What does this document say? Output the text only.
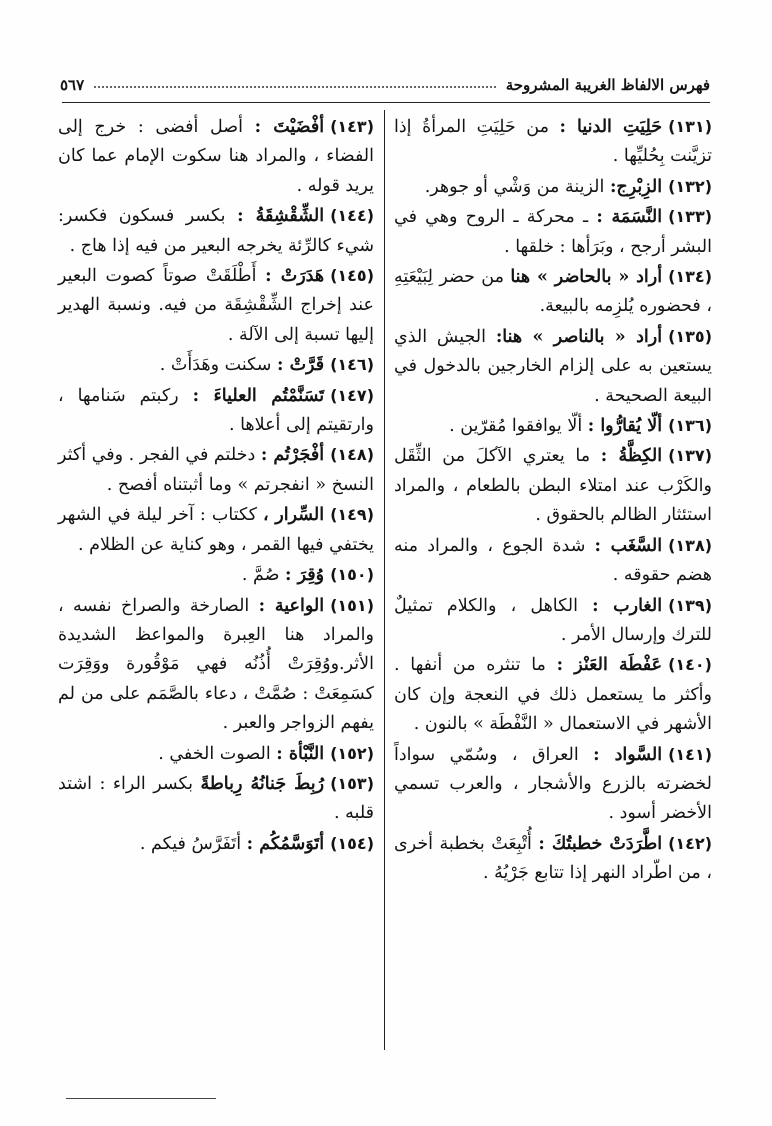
فهرس الالفاظ الغريبة المشروحة
٥٦٧

(١٣١)حَلِيَتِ الدنيا : من حَلِيَتِ المرأةُ إذا تزيَّنت بِحُليِّها .

(١٣٢)الزِبْرِج: الزينة من وَشْي أو جوهر.

(١٣٣)النَّسَمَة : ـ محركة ـ الروح وهي في البشر أرجح ، وبَرَأها : خلقها .

(١٣٤)أراد « بالحاضر » هنا من حضر لِبَيْعَتِهِ ، فحضوره يُلزِمه بالبيعة.

(١٣٥)أراد « بالناصر » هنا: الجيش الذي يستعين به على إلزام الخارجين بالدخول في البيعة الصحيحة .

(١٣٦)ألّا يُقارُّوا : ألّا يوافقوا مُقرّين .

(١٣٧)الكِظَّةُ : ما يعتري الآكلَ من الثِّقَل والكَرْب عند امتلاء البطن بالطعام ، والمراد استئثار الظالم بالحقوق .

(١٣٨)السَّغَب : شدة الجوع ، والمراد منه هضم حقوقه .

(١٣٩)الغارب : الكاهل ، والكلام تمثيلٌ للترك وإرسال الأمر .

(١٤٠)عَفْطَة العَنْز : ما تنثره من أنفها . وأكثر ما يستعمل ذلك في النعجة وإن كان الأشهر في الاستعمال « النَّفْطَة » بالنون .

(١٤١)السَّواد : العراق ، وسُمّي سواداً لخضرته بالزرع والأشجار ، والعرب تسمي الأخضر أسود .

(١٤٢)اطَّرَدَتْ خطبتُكَ : أُتْبِعَتْ بخطبة أخرى ، من اطّراد النهر إذا تتابع جَرْيُهُ .

(١٤٣)أفْضَيْتَ : أصل أفضى : خرج إلى الفضاء ، والمراد هنا سكوت الإمام عما كان يريد قوله .

(١٤٤)الشِّقْشِقَةُ : بكسر فسكون فكسر: شيء كالرِّئة يخرجه البعير من فيه إذا هاج .

(١٤٥)هَدَرَتْ : أَطْلَقَتْ صوتاً كصوت البعير عند إخراج الشِّقْشِقَة من فيه. ونسبة الهدير إليها تسبة إلى الآلة .

(١٤٦)قَرَّتْ : سكنت وهَدَأَتْ .

(١٤٧)تَسَنَّمْتُم العلياءَ : ركبتم سَنامها ، وارتقيتم إلى أعلاها .

(١٤٨)أفْجَرْتُم : دخلتم في الفجر . وفي أكثر النسخ « انفجرتم » وما أثبتناه أفصح .

(١٤٩)السِّرار ، ككتاب : آخر ليلة في الشهر يختفي فيها القمر ، وهو كناية عن الظلام .

(١٥٠)وُقِرَ : صُمَّ .

(١٥١)الواعية : الصارخة والصراخ نفسه ، والمراد هنا العِبرة والمواعظ الشديدة الأثر.ووُقِرَتْ أُذُنُه فهي مَوْقُورة ووَقِرَت كسَمِعَتْ : صُمَّتْ ، دعاء بالصَّمَم على من لم يفهم الزواجر والعبر .

(١٥٢)النَّبْأة : الصوت الخفي .

(١٥٣)رُبِطَ جَنانُهُ رِباطةً بكسر الراء : اشتد قلبه .

(١٥٤)أتَوَسَّمُكُم : أتَفَرَّسُ فيكم .
